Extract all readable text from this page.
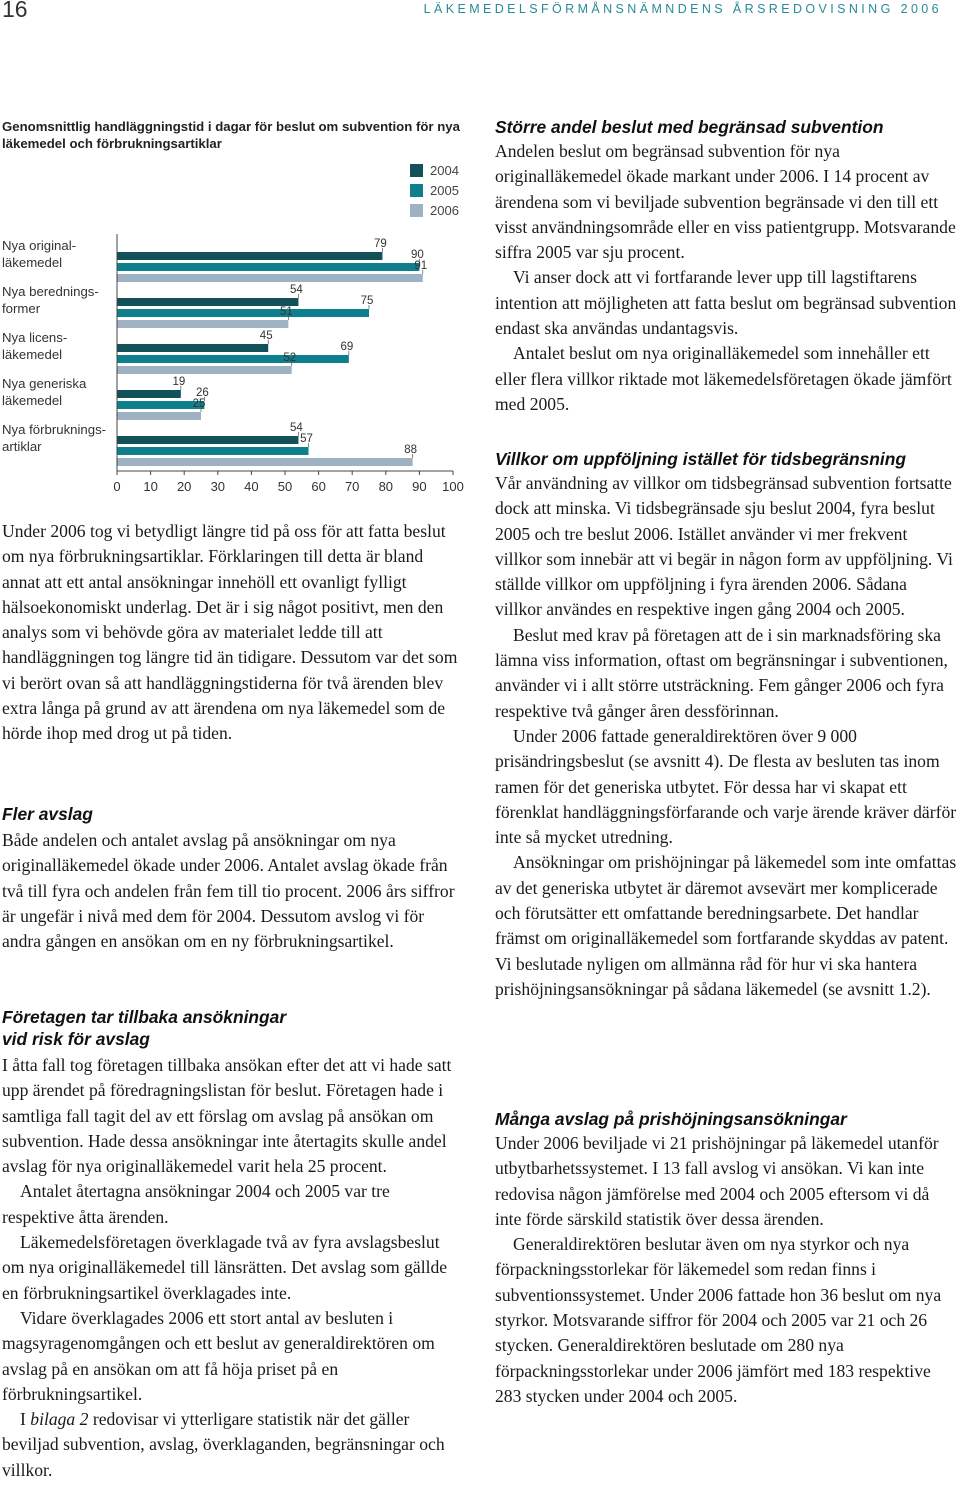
16	LÄKEMEDELSFÖRMÅNSNÄMNDENS ÅRSREDOVISNING 2006
Genomsnittlig handläggningstid i dagar för beslut om subvention för nya läkemedel och förbrukningsartiklar
2004
2005
2006
Nya original-
läkemedel
Nya berednings-
former
Nya licens-
läkemedel
Nya generiska
läkemedel
Nya förbruknings-
artiklar
79
90
91
54
75
51
45
69
52
19
26
25
54
57
88
0 10 20 30 40 50 60 70 80 90 100

Under 2006 tog vi betydligt längre tid på oss för att fatta beslut om nya förbrukningsartiklar. Förklaringen till detta är bland annat att ett antal ansökningar innehöll ett ovanligt fylligt hälsoekonomiskt underlag. Det är i sig något positivt, men den analys som vi behövde göra av materialet ledde till att handläggningen tog längre tid än tidigare. Dessutom var det som vi berört ovan så att handläggningstiderna för två ärenden blev extra långa på grund av att ärendena om nya läkemedel som de hörde ihop med drog ut på tiden.

Fler avslag

Både andelen och antalet avslag på ansökningar om nya originalläkemedel ökade under 2006. Antalet avslag ökade från två till fyra och andelen från fem till tio procent. 2006 års siffror är ungefär i nivå med dem för 2004. Dessutom avslog vi för andra gången en ansökan om en ny förbrukningsartikel.

Företagen tar tillbaka ansökningar
vid risk för avslag

I åtta fall tog företagen tillbaka ansökan efter det att vi hade satt upp ärendet på föredragningslistan för beslut. Företagen hade i samtliga fall tagit del av ett förslag om avslag på ansökan om subvention. Hade dessa ansökningar inte återtagits skulle andel avslag för nya originalläkemedel varit hela 25 procent.

Antalet återtagna ansökningar 2004 och 2005 var tre respektive åtta ärenden.

Läkemedelsföretagen överklagade två av fyra avslagsbeslut om nya originalläkemedel till länsrätten. Det avslag som gällde en förbrukningsartikel överklagades inte.

Vidare överklagades 2006 ett stort antal av besluten i magsyragenomgången och ett beslut av generaldirektören om avslag på en ansökan om att få höja priset på en förbrukningsartikel.

I bilaga 2 redovisar vi ytterligare statistik när det gäller beviljad subvention, avslag, överklaganden, begränsningar och villkor.

Större andel beslut med begränsad subvention

Andelen beslut om begränsad subvention för nya originalläkemedel ökade markant under 2006. I 14 procent av ärendena som vi beviljade subvention begränsade vi den till ett visst användningsområde eller en viss patientgrupp. Motsvarande siffra 2005 var sju procent.

Vi anser dock att vi fortfarande lever upp till lagstiftarens intention att möjligheten att fatta beslut om begränsad subvention endast ska användas undantagsvis.

Antalet beslut om nya originalläkemedel som innehåller ett eller flera villkor riktade mot läkemedelsföretagen ökade jämfört med 2005.

Villkor om uppföljning istället för tidsbegränsning

Vår användning av villkor om tidsbegränsad subvention fortsatte dock att minska. Vi tidsbegränsade sju beslut 2004, fyra beslut 2005 och tre beslut 2006. Istället använder vi mer frekvent villkor som innebär att vi begär in någon form av uppföljning. Vi ställde villkor om uppföljning i fyra ärenden 2006. Sådana villkor användes en respektive ingen gång 2004 och 2005.

Beslut med krav på företagen att de i sin marknadsföring ska lämna viss information, oftast om begränsningar i subventionen, använder vi i allt större utsträckning. Fem gånger 2006 och fyra respektive två gånger åren dessförinnan.

Under 2006 fattade generaldirektören över 9 000 prisändringsbeslut (se avsnitt 4). De flesta av besluten tas inom ramen för det generiska utbytet. För dessa har vi skapat ett förenklat handläggningsförfarande och varje ärende kräver därför inte så mycket utredning.

Ansökningar om prishöjningar på läkemedel som inte omfattas av det generiska utbytet är däremot avsevärt mer komplicerade och förutsätter ett omfattande beredningsarbete. Det handlar främst om originalläkemedel som fortfarande skyddas av patent. Vi beslutade nyligen om allmänna råd för hur vi ska hantera prishöjningsansökningar på sådana läkemedel (se avsnitt 1.2).

Många avslag på prishöjningsansökningar

Under 2006 beviljade vi 21 prishöjningar på läkemedel utanför utbytbarhetssystemet. I 13 fall avslog vi ansökan. Vi kan inte redovisa någon jämförelse med 2004 och 2005 eftersom vi då inte förde särskild statistik över dessa ärenden.

Generaldirektören beslutar även om nya styrkor och nya förpackningsstorlekar för läkemedel som redan finns i subventionssystemet. Under 2006 fattade hon 36 beslut om nya styrkor. Motsvarande siffror för 2004 och 2005 var 21 och 26 stycken. Generaldirektören beslutade om 280 nya förpackningsstorlekar under 2006 jämfört med 183 respektive 283 stycken under 2004 och 2005.
